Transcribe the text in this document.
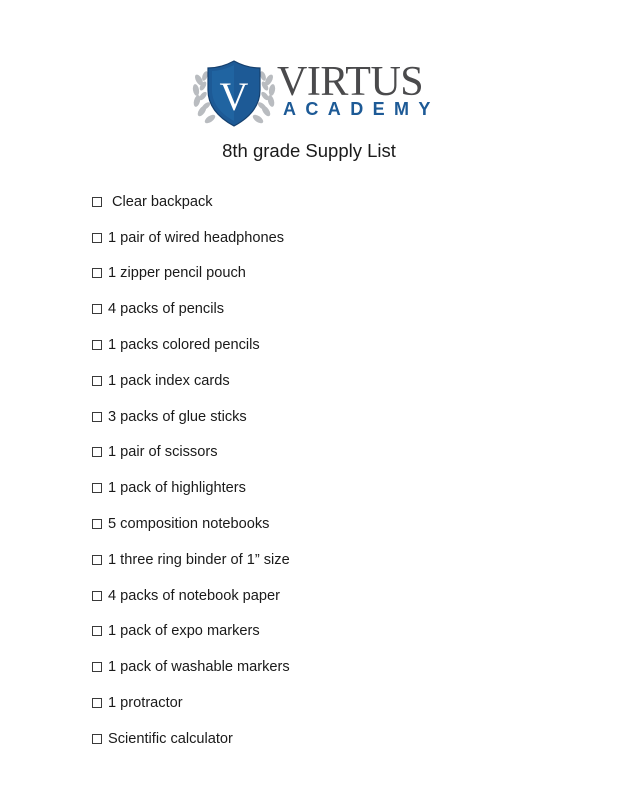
V VIRTUS
ACADEMY
8th grade Supply List
Clear backpack
1 pair of wired headphones
1 zipper pencil pouch
4 packs of pencils
1 packs colored pencils
1 pack index cards
3 packs of glue sticks
1 pair of scissors
1 pack of highlighters
5 composition notebooks
1 three ring binder of 1” size
4 packs of notebook paper
1 pack of expo markers
1 pack of washable markers
1 protractor
Scientific calculator
